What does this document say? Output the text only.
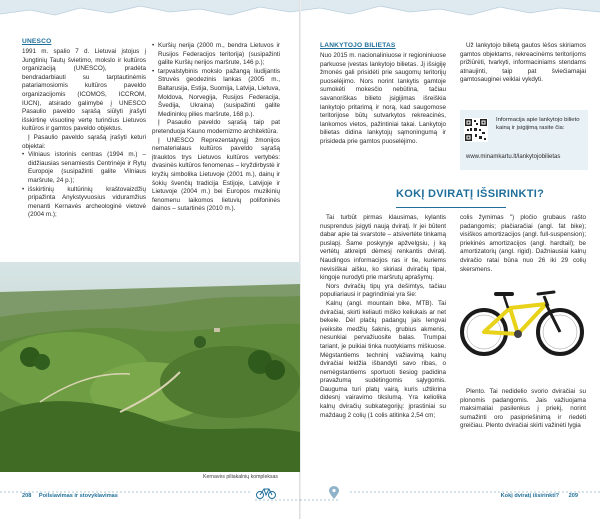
UNESCO

1991 m. spalio 7 d. Lietuvai įstojus į Jungtinių Tautų švietimo, mokslo ir kultūros organizaciją (UNESCO), pradėta bendradarbiauti su tarptautinėmis patariamosiomis kultūros paveldo organizacijomis (ICOMOS, ICCROM, IUCN), atsirado galimybė į UNESCO Pasaulio paveldo sąrašą siūlyti įrašyti išskirtinę visuotinę vertę turinčius Lietuvos kultūros ir gamtos paveldo objektus.

Į Pasaulio paveldo sąrašą įrašyti keturi objektai:

• Vilniaus istorinis centras (1994 m.) – didžiausias senamiestis Centrinėje ir Rytų Europoje (susipažinti galite Vilniaus maršrute, 24 p.);
• išskirtinių kultūrinių kraštovaizdžių pripažinta Anykstyvuosius viduramžius menanti Kernavės archeologinė vietovė (2004 m.);
• Kuršių nerija (2000 m., bendra Lietuvos ir Rusijos Federacijos teritorija) (susipažinti galite Kuršių nerijos maršrute, 146 p.);
• tarpvalstybinis mokslo pažangą liudijantis Struvės geodezinis lankas (2005 m., Baltarusija, Estija, Suomija, Latvija, Lietuva, Moldova, Norvegija, Rusijos Federacija, Švedija, Ukraina) (susipažinti galite Medininkų pilies maršrute, 168 p.).

Į Pasaulio paveldo sąrašą taip pat pretenduoja Kauno modernizmo architektūra.

Į UNESCO Reprezentatyvųjį žmonijos nematerialaus kultūros paveldo sąrašą įtrauktos trys Lietuvos kultūros vertybės: dvasinės kultūros fenomenas – kryždirbystė ir kryžių simbolika Lietuvoje (2001 m.), dainų ir šokių švenčių tradicija Estijoje, Latvijoje ir Lietuvoje (2004 m.) bei Europos muzikinių fenomenu laikomos lietuvių polifoninės dainos – sutartinės (2010 m.).

Kernavės piliakalnių kompleksas
208 Poilsiavimas ir stovyklavimas
LANKYTOJO BILIETAS

Nuo 2015 m. nacionaliniuose ir regioniniuose parkuose įvestas lankytojo bilietas. Jį išsigiję žmonės gali prisidėti prie saugomų teritorijų puoselėjimo. Nors norint lankytis gamtoje sumokėti mokesčio nebūtina, tačiau savanoriškas bilieto įsigijimas išreiškia lankytojo pritarimą ir norą, kad saugomose teritorijose būtų sutvarkytos rekreacinės, lankomos vietos, pažintiniai takai. Lankytojo bilietas didina lankytojų sąmoningumą ir prisideda prie gamtos puoselėjimo.

Už lankytojo bilietą gautos lėšos skiriamos gamtos objektams, rekreacinėms teritorijoms prižiūrėti, tvarkyti, informaciniams stendams atnaujinti, taip pat šviečiamajai gamtosauginei veiklai vykdyti.

Informacija apie lankytojo bilieto kainą ir įsigijimą rasite čia:
www.minamkartu.lt/lankytojobilietas
KOKĮ DVIRATĮ IŠSIRINKTI?

Tai turbūt pirmas klausimas, kylantis nusprendus įsigyti naują dviratį. Ir jei būtent dabar apie tai svarstote – atsivertėte tinkamą puslapį. Šame poskyryje apžvelgsiu, į ką vertėtų atkreipti dėmesį renkantis dviratį. Naudingos informacijos ras ir tie, kuriems nevisiškai aišku, ko skiriasi dviračių tipai, kingoje nurodyti prie maršrutų aprašymų.

Nors dviračių tipų yra dešimtys, tačiau populiariausi ir pagrindiniai yra šie:

Kalnų (angl. mountain bike, MTB). Tai dviračiai, skirti keliauti miško keliukais ar net bekele. Dėl plačių padangų jais lengvai įveiksite medžių šaknis, grubius akmenis, nesunkiai pervažiuosite balas. Trumpai tariant, je puikiai tinka nuotykiams miškuose. Mėgstantiems techninį važiavimą kalnų dviračiai leidžia išbandyti savo ribas, o nemėgstantiems sportuoti tiesiog padidina pravažumą sudėtingomis sąlygomis. Dauguma turi platų vairą, kuris užtikrina didesnį vairavimo tikslumą. Yra keliolika kalnų dviračių subkategorijų: įprastiniai su maždaug 2 colių (1 colis atitinka 2,54 cm;

colis žymimas ") pločio grubaus rašto padangomis; plačiaračiai (angl. fat bike); visiškos amortizacijos (angl. full-suspension); priekinės amortizacijos (angl. hardtail); be amortizatorių (angl. rigid). Dažniausiai kalnų dviračio ratai būna nuo 26 iki 29 colių skersmens.

Plento. Tai nedidelio svorio dviračiai su plonomis padangomis. Jais važiuojama maksimaliai pasilenkus į priekį, norint sumažinti oro pasipriešinimą ir riedėti greičiau. Plento dviračiai skirti važinėti lygia

Kokį dviratį išsirinkti? 209
